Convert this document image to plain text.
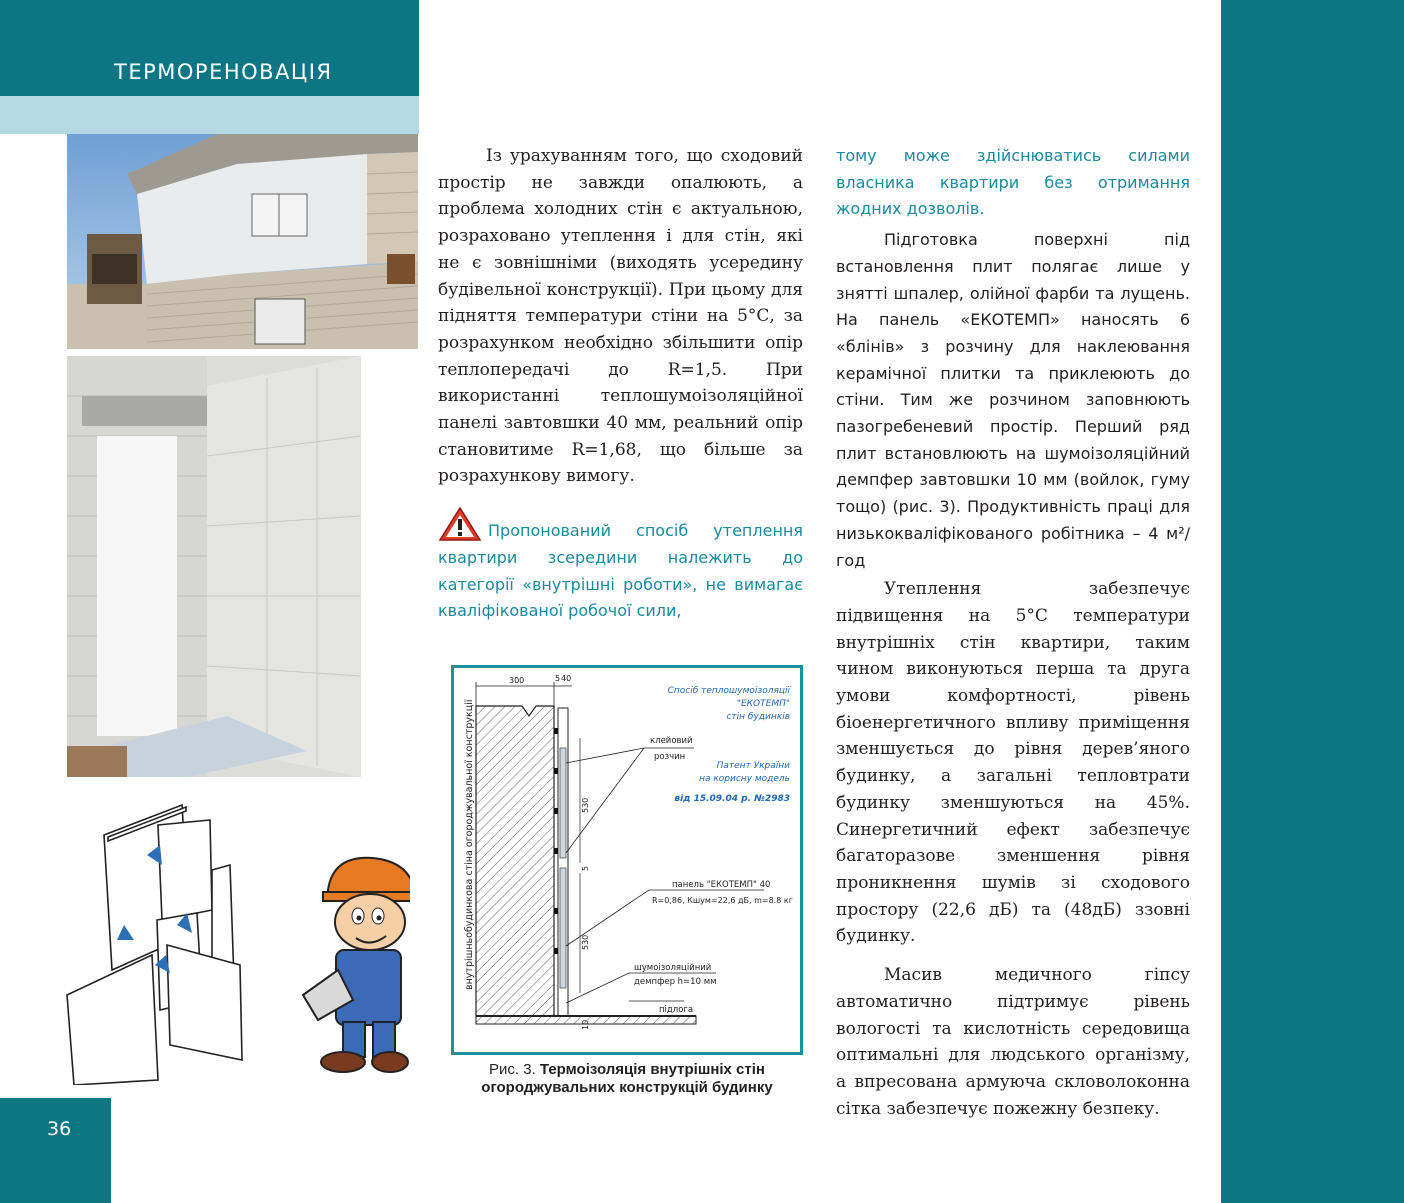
ТЕРМОРЕНОВАЦІЯ
36

Із урахуванням того, що сходовий простір не завжди опалюють, а проблема холодних стін є актуальною, розраховано утеплення і для стін, які не є зовнішніми (виходять усередину будівельної конструкції). При цьому для підняття температури стіни на 5°С, за розрахунком необхідно збільшити опір теплопередачі до R=1,5. При використанні теплошумоізоляційної панелі завтовшки 40 мм, реальний опір становитиме R=1,68, що більше за розрахункову вимогу.

Пропонований спосіб утеплення квартири зсередини належить до категорії «внутрішні роботи», не вимагає кваліфікованої робочої сили,

тому може здійснюватись силами власника квартири без отримання жодних дозволів.

Підготовка поверхні під встановлення плит полягає лише у знятті шпалер, олійної фарби та лущень. На панель «ЕКОТЕМП» наносять 6 «блінів» з розчину для наклеювання керамічної плитки та приклеюють до стіни. Тим же розчином заповнюють пазогребеневий простір. Перший ряд плит встановлюють на шумоізоляційний демпфер завтовшки 10 мм (войлок, гуму тощо) (рис. 3). Продуктивність праці для низькокваліфікованого робітника – 4 м²/год

Утеплення забезпечує підвищення на 5°С температури внутрішніх стін квартири, таким чином виконуються перша та друга умови комфортності, рівень біоенергетичного впливу приміщення зменшується до рівня дерев’яного будинку, а загальні тепловтрати будинку зменшуються на 45%. Синергетичний ефект забезпечує багаторазове зменшення рівня проникнення шумів зі сходового простору (22,6 дБ) та (48дБ) ззовні будинку.

Масив медичного гіпсу автоматично підтримує рівень вологості та кислотність середовища оптимальні для людського організму, а впресована армуюча скловолоконна сітка забезпечує пожежну безпеку.

внутрішньобудинкова стіна огороджувальної конструкції
300	5 40
530
5
530
10
Спосіб теплошумоізоляції
"ЕКОТЕМП"
стін будинків
Патент України
на корисну модель
від 15.09.04 р. №2983
клейовий
розчин
панель "ЕКОТЕМП" 40
R=0,86, Кшум=22,6 дБ, m=8.8 кг
шумоізоляційний
демпфер h=10 мм
підлога
Рис. 3. Термоізоляція внутрішніх стін огороджувальних конструкцій будинку
